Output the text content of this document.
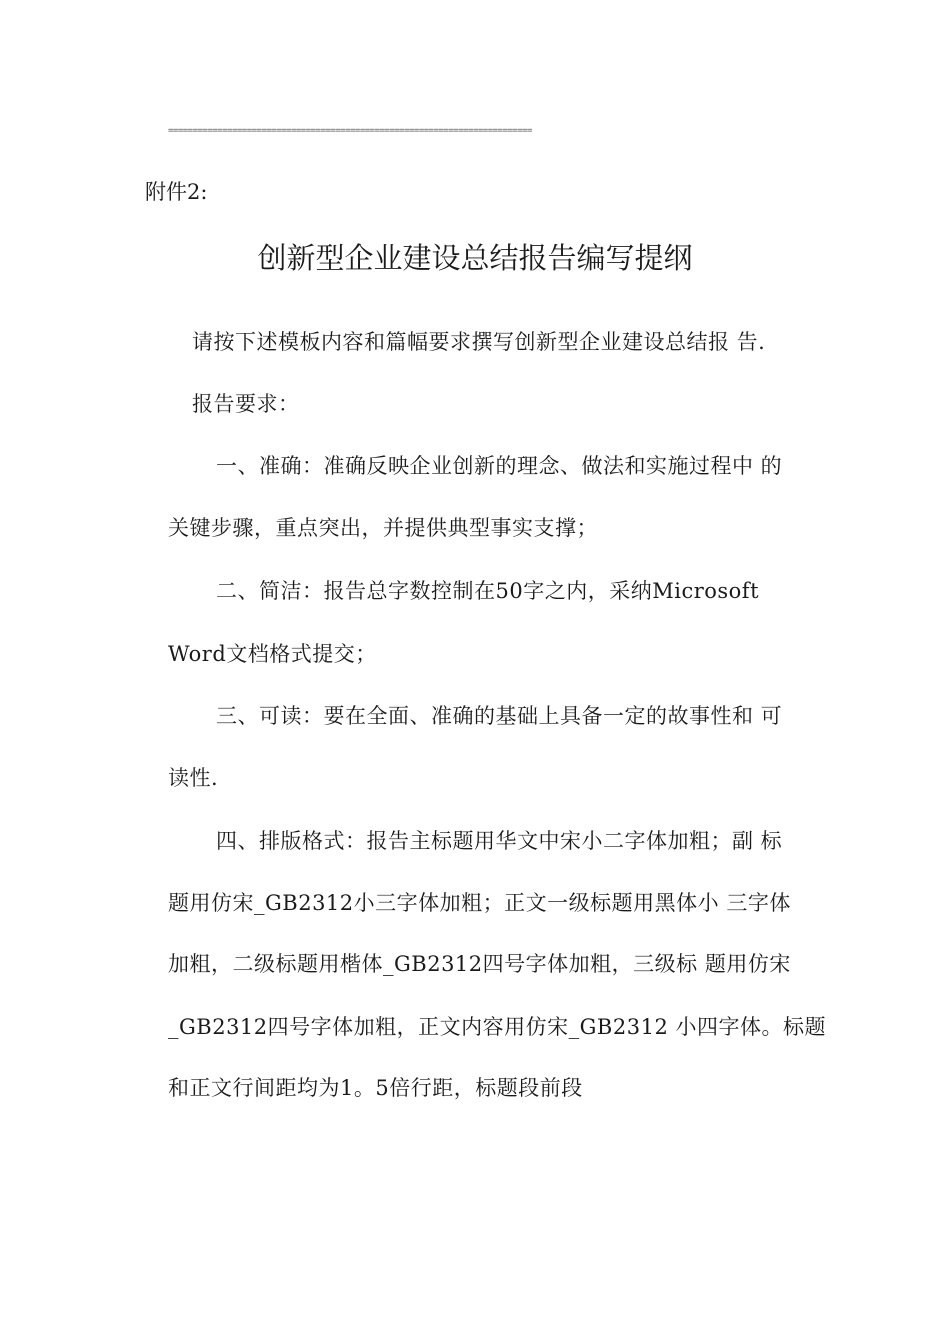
==========================================================================
附件2:
创新型企业建设总结报告编写提纲
请按下述模板内容和篇幅要求撰写创新型企业建设总结报 告.
报告要求：
一、准确：准确反映企业创新的理念、做法和实施过程中 的
关键步骤，重点突出，并提供典型事实支撑；
二、简洁：报告总字数控制在50字之内，采纳Microsoft
Word文档格式提交；
三、可读：要在全面、准确的基础上具备一定的故事性和 可
读性.
四、排版格式：报告主标题用华文中宋小二字体加粗；副 标
题用仿宋_GB2312小三字体加粗；正文一级标题用黑体小 三字体
加粗，二级标题用楷体_GB2312四号字体加粗，三级标 题用仿宋
_GB2312四号字体加粗，正文内容用仿宋_GB2312 小四字体。标题
和正文行间距均为1。5倍行距，标题段前段
